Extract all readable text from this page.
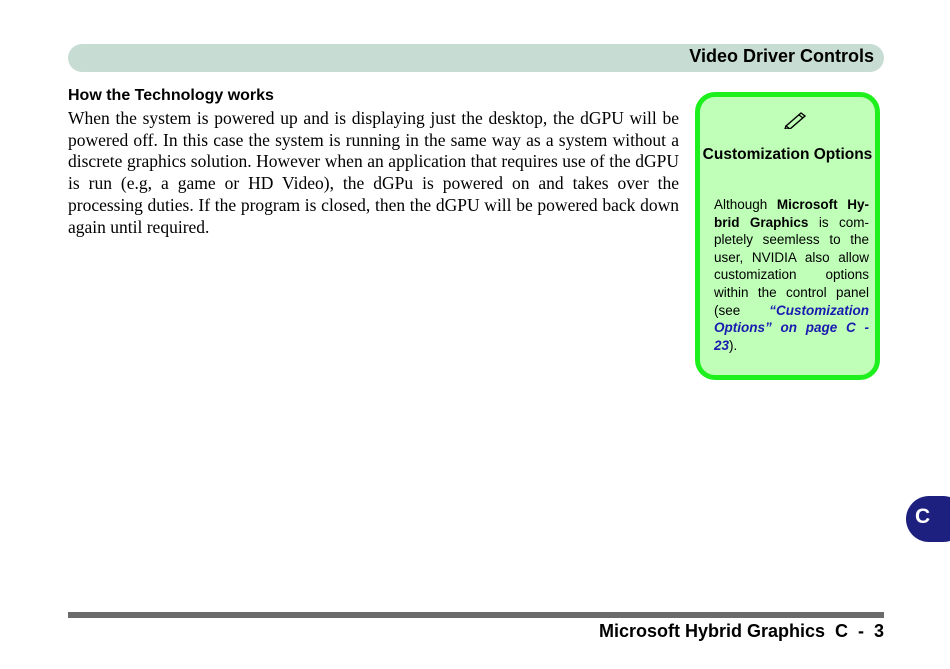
Video Driver Controls
How the Technology works

When the system is powered up and is displaying just the desktop, the dGPU will be powered off. In this case the system is running in the same way as a system without a discrete graphics solution. However when an application that requires use of the dGPU is run (e.g, a game or HD Video), the dGPu is powered on and takes over the processing duties. If the program is closed, then the dGPU will be powered back down again until required.

Customization Options

Although Microsoft Hy-brid Graphics is com-pletely seemless to the user, NVIDIA also allow customization options within the control panel (see “Customization Options” on page C - 23).

C
Microsoft Hybrid Graphics  C  -  3
